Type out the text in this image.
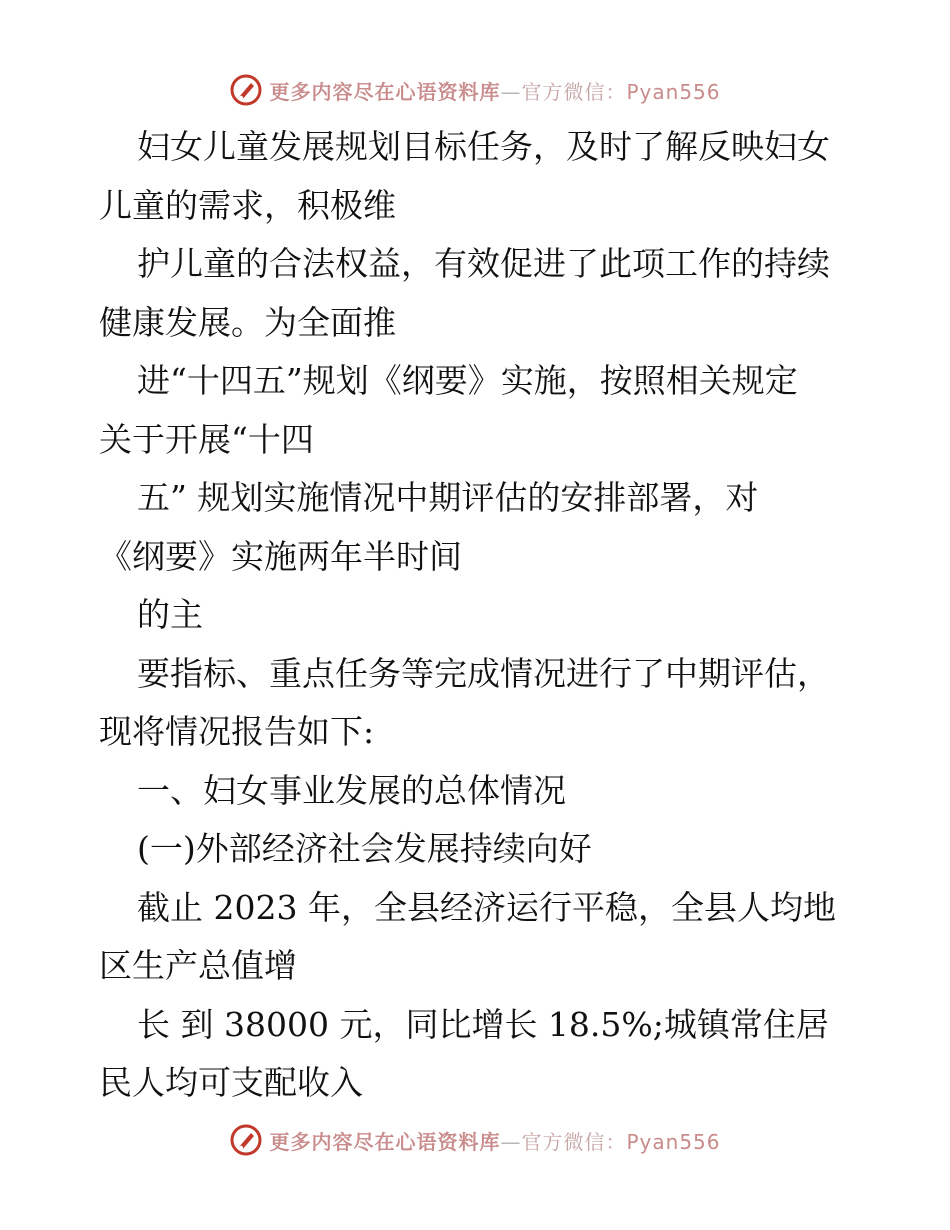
更多内容尽在心语资料库—官方微信：Pyan556
妇女儿童发展规划目标任务，及时了解反映妇女
儿童的需求，积极维
护儿童的合法权益，有效促进了此项工作的持续
健康发展。为全面推
进“十四五”规划《纲要》实施，按照相关规定
关于开展“十四
五” 规划实施情况中期评估的安排部署，对
《纲要》实施两年半时间
的主
要指标、重点任务等完成情况进行了中期评估，
现将情况报告如下:
一、妇女事业发展的总体情况
(一)外部经济社会发展持续向好
截止 2023 年，全县经济运行平稳，全县人均地
区生产总值增
长 到 38000 元，同比增长 18.5%;城镇常住居
民人均可支配收入
更多内容尽在心语资料库—官方微信：Pyan556
